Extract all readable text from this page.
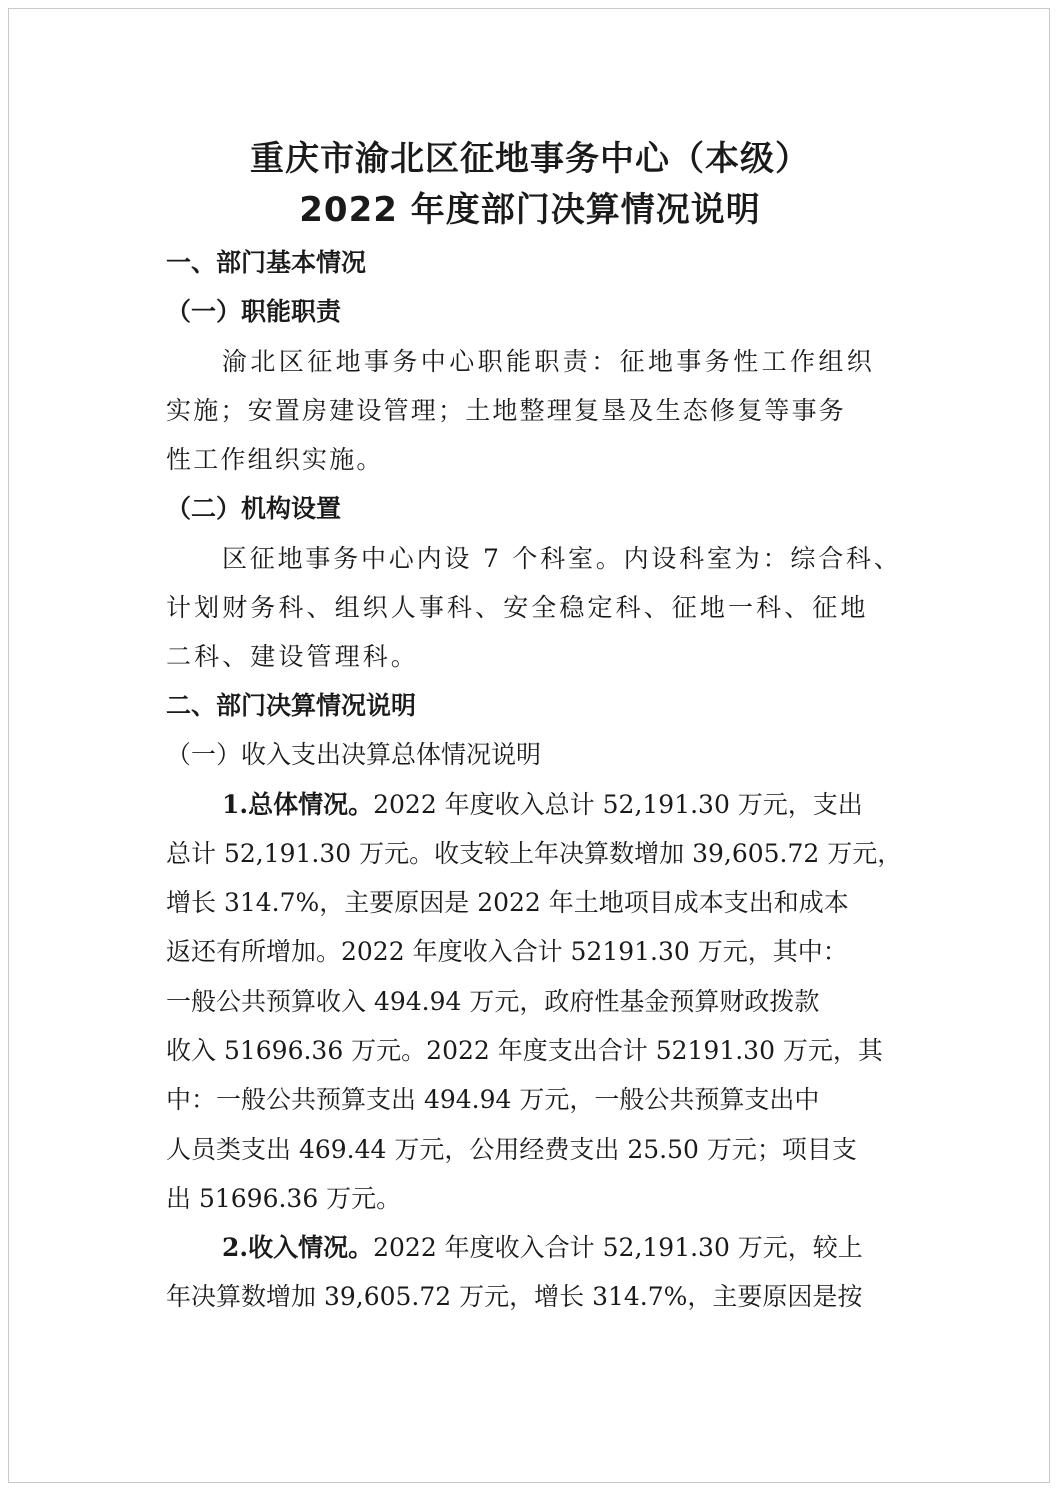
重庆市渝北区征地事务中心（本级）
2022 年度部门决算情况说明
一、部门基本情况
（一）职能职责
渝北区征地事务中心职能职责：征地事务性工作组织
实施；安置房建设管理；土地整理复垦及生态修复等事务
性工作组织实施。
（二）机构设置
区征地事务中心内设 7 个科室。内设科室为：综合科、
计划财务科、组织人事科、安全稳定科、征地一科、征地
二科、建设管理科。
二、部门决算情况说明
（一）收入支出决算总体情况说明
1.总体情况。2022 年度收入总计 52,191.30 万元，支出
总计 52,191.30 万元。收支较上年决算数增加 39,605.72 万元，
增长 314.7%，主要原因是 2022 年土地项目成本支出和成本
返还有所增加。2022 年度收入合计 52191.30 万元，其中：
一般公共预算收入 494.94 万元，政府性基金预算财政拨款
收入 51696.36 万元。2022 年度支出合计 52191.30 万元，其
中：一般公共预算支出 494.94 万元，一般公共预算支出中
人员类支出 469.44 万元，公用经费支出 25.50 万元；项目支
出 51696.36 万元。
2.收入情况。2022 年度收入合计 52,191.30 万元，较上
年决算数增加 39,605.72 万元，增长 314.7%，主要原因是按
